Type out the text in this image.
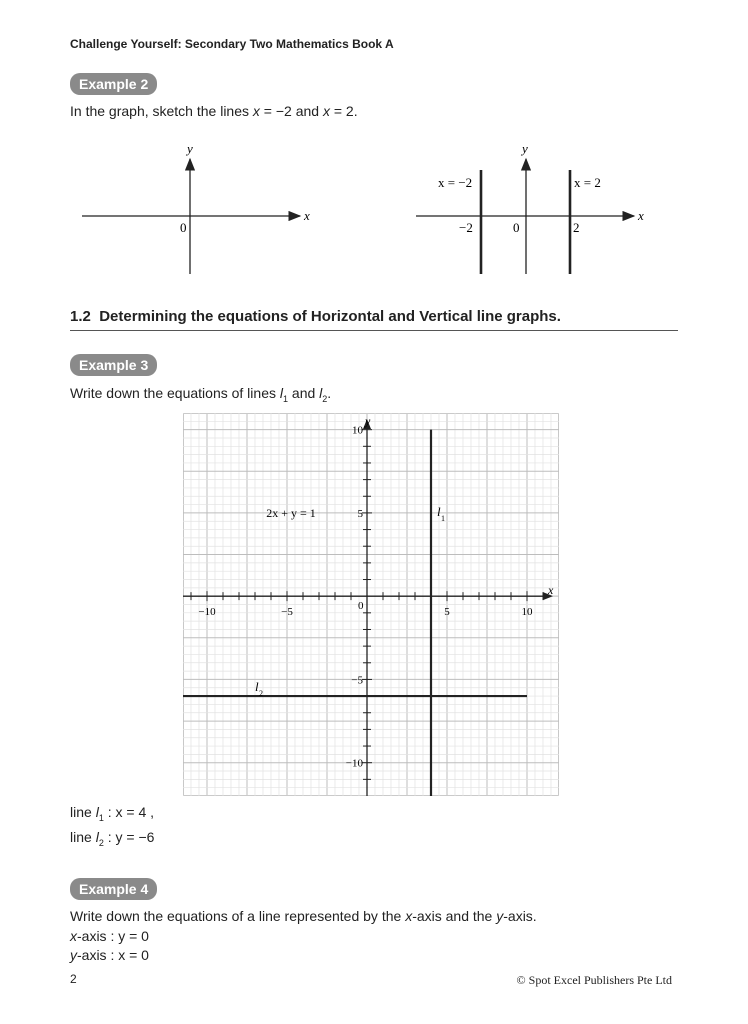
Challenge Yourself: Secondary Two Mathematics Book A
Example 2
In the graph, sketch the lines x = −2 and x = 2.
x
y
0
x
y
0
−2	2
x = −2	x = 2
1.2 Determining the equations of Horizontal and Vertical line graphs.
Example 3
Write down the equations of lines $l_1$ and $l_2$.
x
y
0
−10	−5	5	10
10
5
−5
−10
l 1
l 2
2x + y = 1
line $l_1$ : x = 4 ,
line $l_2$ : y = −6
Example 4
Write down the equations of a line represented by the x-axis and the y-axis.
x-axis : y = 0
y-axis : x = 0
2	© Spot Excel Publishers Pte Ltd
